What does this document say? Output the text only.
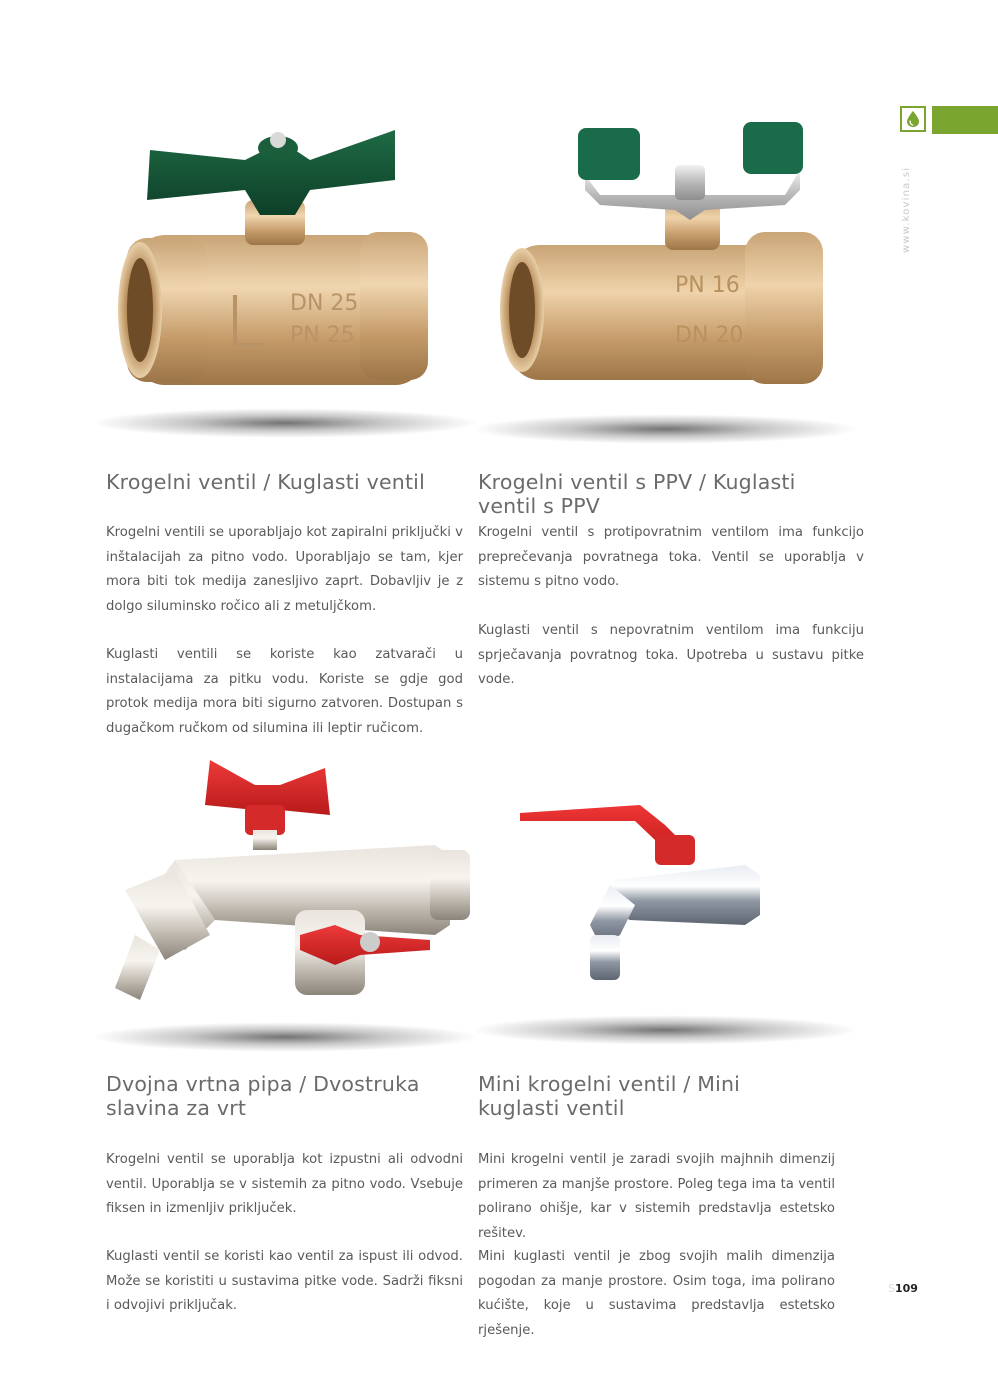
www.kovina.si
DN 25
PN 25
PN 16
DN 20
Krogelni ventil / Kuglasti ventil

Krogelni ventili se uporabljajo kot zapiralni priključki v inštalacijah za pitno vodo. Uporabljajo se tam, kjer mora biti tok medija zanesljivo zaprt. Dobavljiv je z dolgo siluminsko ročico ali z metuljčkom.

Kuglasti ventili se koriste kao zatvarači u instalacijama za pitku vodu. Koriste se gdje god protok medija mora biti sigurno zatvoren. Dostupan s dugačkom ručkom od silumina ili leptir ručicom.

Krogelni ventil s PPV / Kuglasti ventil s PPV

Krogelni ventil s protipovratnim ventilom ima funkcijo preprečevanja povratnega toka. Ventil se uporablja v sistemu s pitno vodo.

Kuglasti ventil s nepovratnim ventilom ima funkciju sprječavanja povratnog toka. Upotreba u sustavu pitke vode.

Dvojna vrtna pipa / Dvostruka slavina za vrt

Krogelni ventil se uporablja kot izpustni ali odvodni ventil. Uporablja se v sistemih za pitno vodo. Vsebuje fiksen in izmenljiv priključek.

Kuglasti ventil se koristi kao ventil za ispust ili odvod. Može se koristiti u sustavima pitke vode. Sadrži fiksni i odvojivi priključak.

Mini krogelni ventil / Mini kuglasti ventil

Mini krogelni ventil je zaradi svojih majhnih dimenzij primeren za manjše prostore. Poleg tega ima ta ventil polirano ohišje, kar v sistemih predstavlja estetsko rešitev.

Mini kuglasti ventil je zbog svojih malih dimenzija pogodan za manje prostore. Osim toga, ima polirano kućište, koje u sustavima predstavlja estetsko rješenje.

S109
